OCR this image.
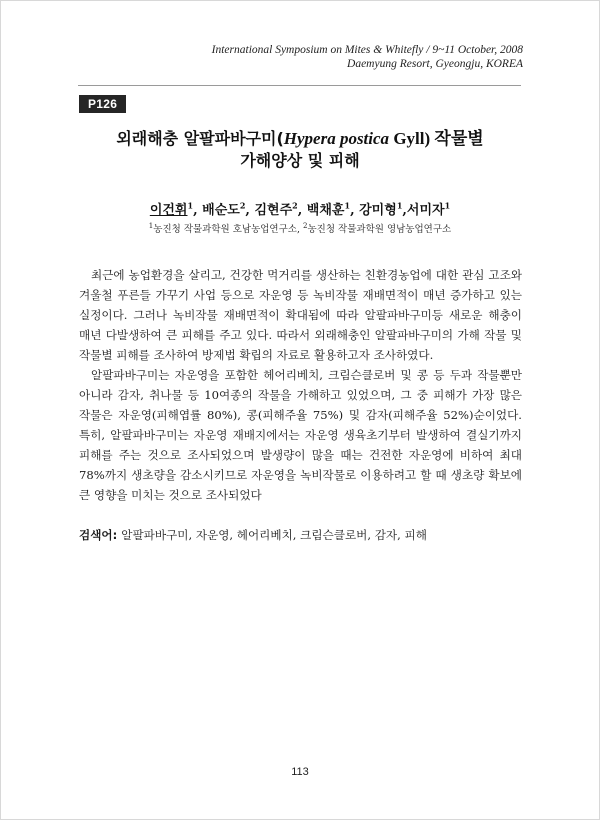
International Symposium on Mites & Whitefly / 9~11 October, 2008
Daemyung Resort, Gyeongju, KOREA
P126
외래해충 알팔파바구미(Hypera postica Gyll) 작물별
가해양상 및 피해
이건휘$^1$, 배순도$^2$, 김현주$^2$, 백채훈$^1$, 강미형$^1$,서미자$^1$
$^1$농진청 작물과학원 호남농업연구소, $^2$농진청 작물과학원 영남농업연구소

최근에 농업환경을 살리고, 건강한 먹거리를 생산하는 친환경농업에 대한 관심 고조와 겨울철 푸른들 가꾸기 사업 등으로 자운영 등 녹비작물 재배면적이 매년 증가하고 있는 실정이다. 그러나 녹비작물 재배면적이 확대됨에 따라 알팔파바구미등 새로운 해충이 매년 다발생하여 큰 피해를 주고 있다. 따라서 외래해충인 알팔파바구미의 가해 작물 및 작물별 피해를 조사하여 방제법 확립의 자료로 활용하고자 조사하였다.

알팔파바구미는 자운영을 포함한 헤어리베치, 크림슨클로버 및 콩 등 두과 작물뿐만 아니라 감자, 취나물 등 10여종의 작물을 가해하고 있었으며, 그 중 피해가 가장 많은 작물은 자운영(피해엽률 80%), 콩(피해주율 75%) 및 감자(피해주율 52%)순이었다. 특히, 알팔파바구미는 자운영 재배지에서는 자운영 생육초기부터 발생하여 결실기까지 피해를 주는 것으로 조사되었으며 발생량이 많을 때는 건전한 자운영에 비하여 최대 78%까지 생초량을 감소시키므로 자운영을 녹비작물로 이용하려고 할 때 생초량 확보에 큰 영향을 미치는 것으로 조사되었다

검색어: 알팔파바구미, 자운영, 헤어리베치, 크림슨클로버, 감자, 피해
113
